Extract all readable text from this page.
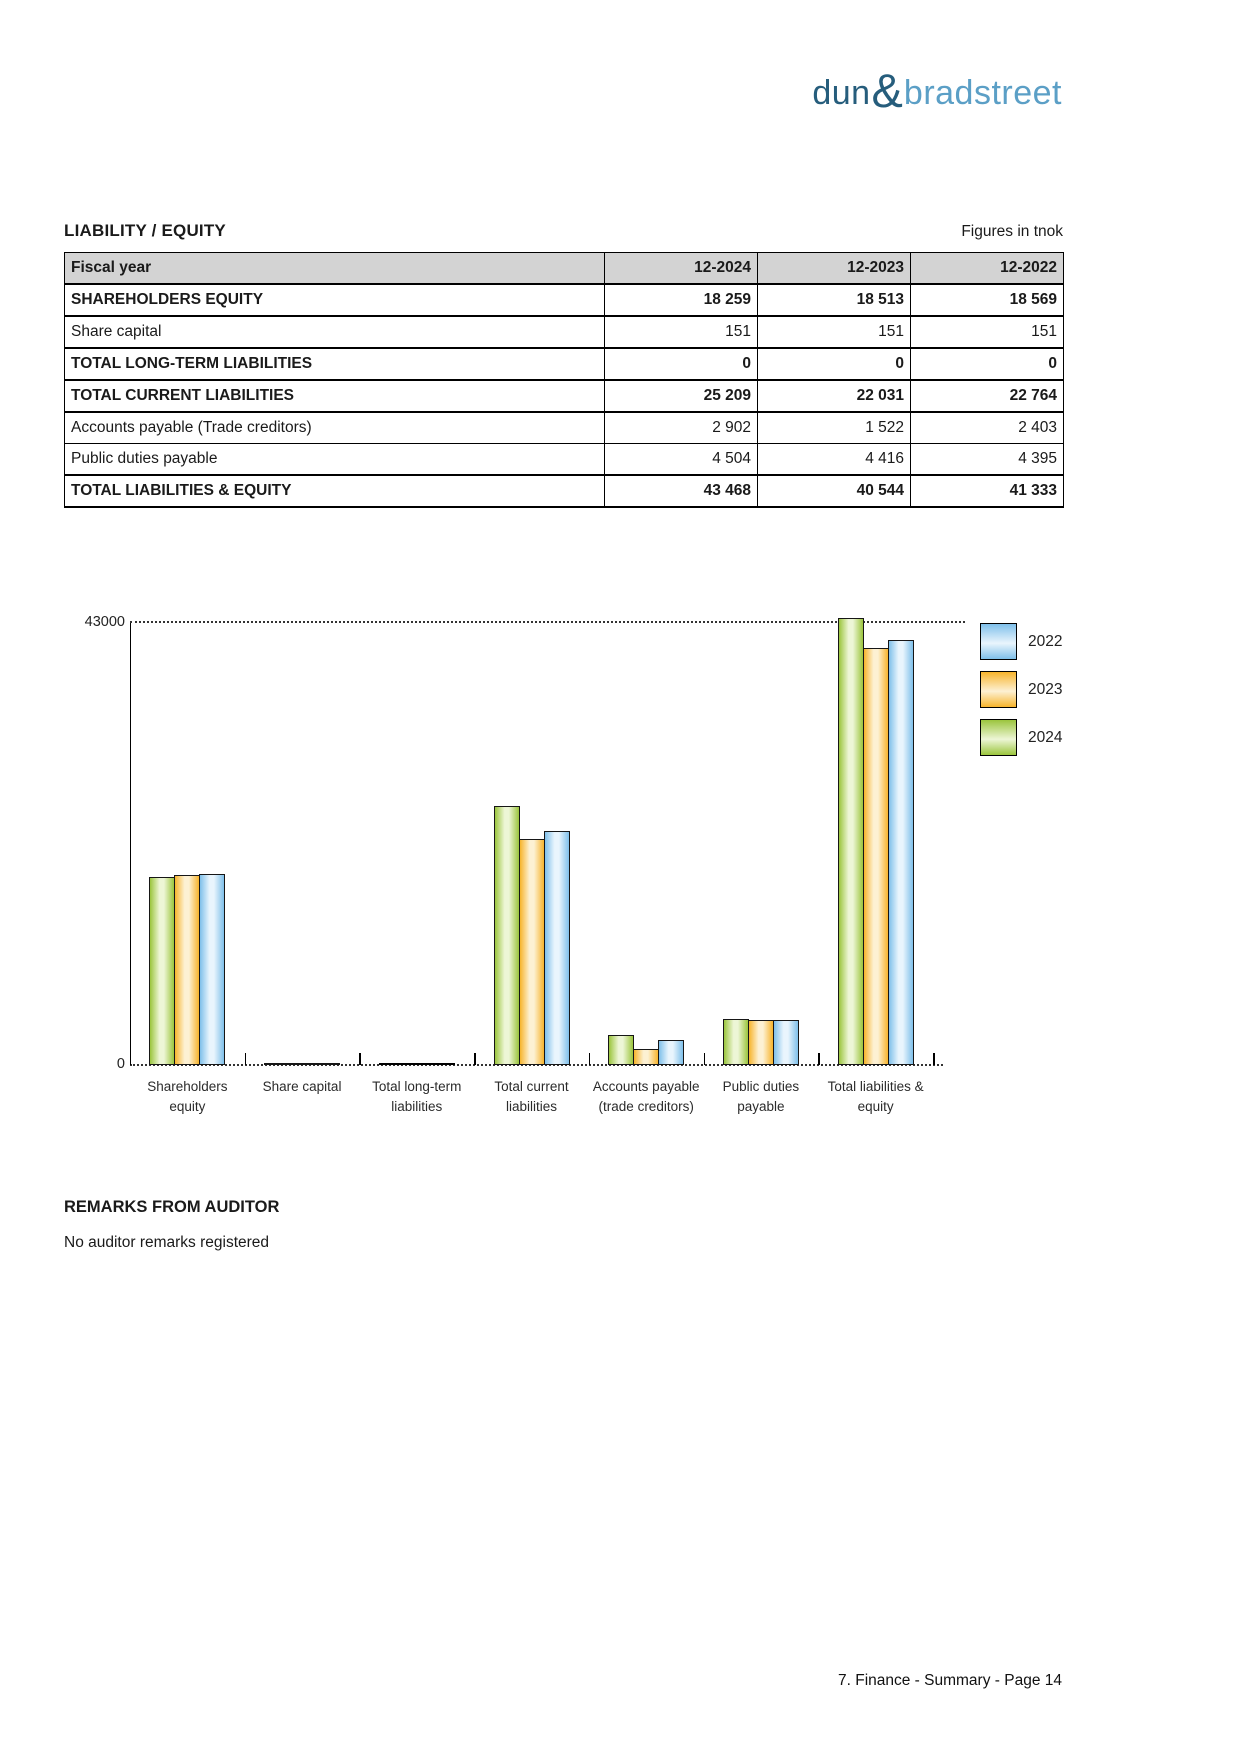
dun & bradstreet
LIABILITY / EQUITY	Figures in tnok
Fiscal year	12-2024	12-2023	12-2022
SHAREHOLDERS EQUITY	18 259	18 513	18 569
Share capital	151	151	151
TOTAL LONG-TERM LIABILITIES	0	0	0
TOTAL CURRENT LIABILITIES	25 209	22 031	22 764
Accounts payable (Trade creditors)	2 902	1 522	2 403
Public duties payable	4 504	4 416	4 395
TOTAL LIABILITIES & EQUITY	43 468	40 544	41 333
0
43000
Shareholders
equity
Share capital	Total long-term
liabilities
Total current
liabilities
Accounts payable
(trade creditors)
Public duties
payable
Total liabilities &
equity
2022
2023
2024
REMARKS FROM AUDITOR

No auditor remarks registered

7. Finance - Summary - Page 14
